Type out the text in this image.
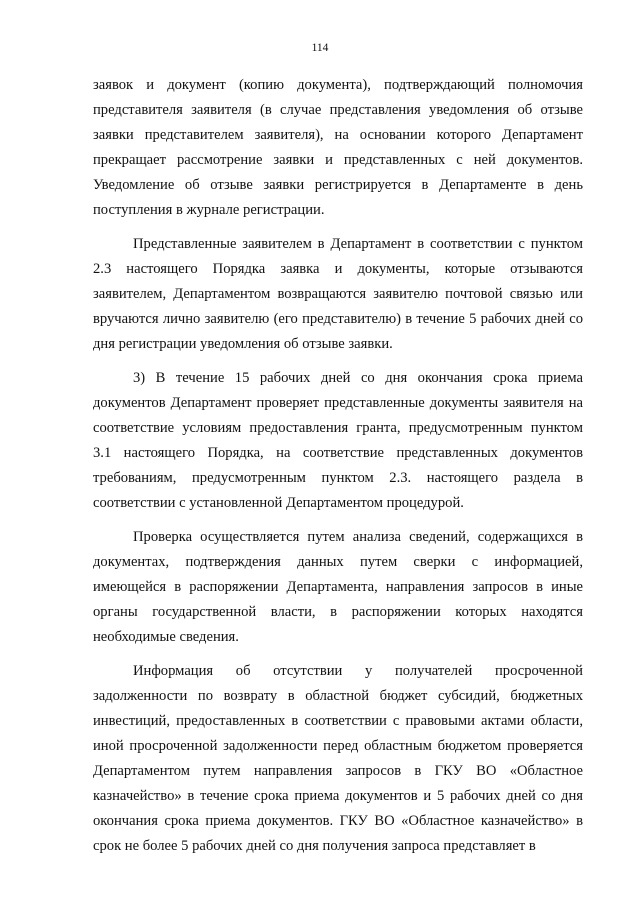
114
заявок и документ (копию документа), подтверждающий полномочия
представителя заявителя (в случае представления уведомления об отзыве
заявки представителем заявителя), на основании которого Департамент
прекращает рассмотрение заявки и представленных с ней документов.
Уведомление об отзыве заявки регистрируется в Департаменте в день
поступления в журнале регистрации.
Представленные заявителем в Департамент в соответствии с пунктом
2.3 настоящего Порядка заявка и документы, которые отзываются
заявителем, Департаментом возвращаются заявителю почтовой связью или
вручаются лично заявителю (его представителю) в течение 5 рабочих дней со
дня регистрации уведомления об отзыве заявки.
3) В течение 15 рабочих дней со дня окончания срока приема
документов Департамент проверяет представленные документы заявителя на
соответствие условиям предоставления гранта, предусмотренным пунктом
3.1 настоящего Порядка, на соответствие представленных документов
требованиям, предусмотренным пунктом 2.3. настоящего раздела в
соответствии с установленной Департаментом процедурой.
Проверка осуществляется путем анализа сведений, содержащихся в
документах, подтверждения данных путем сверки с информацией,
имеющейся в распоряжении Департамента, направления запросов в иные
органы государственной власти, в распоряжении которых находятся
необходимые сведения.
Информация об отсутствии у получателей просроченной
задолженности по возврату в областной бюджет субсидий, бюджетных
инвестиций, предоставленных в соответствии с правовыми актами области,
иной просроченной задолженности перед областным бюджетом проверяется
Департаментом путем направления запросов в ГКУ ВО «Областное
казначейство» в течение срока приема документов и 5 рабочих дней со дня
окончания срока приема документов. ГКУ ВО «Областное казначейство» в
срок не более 5 рабочих дней со дня получения запроса представляет в
